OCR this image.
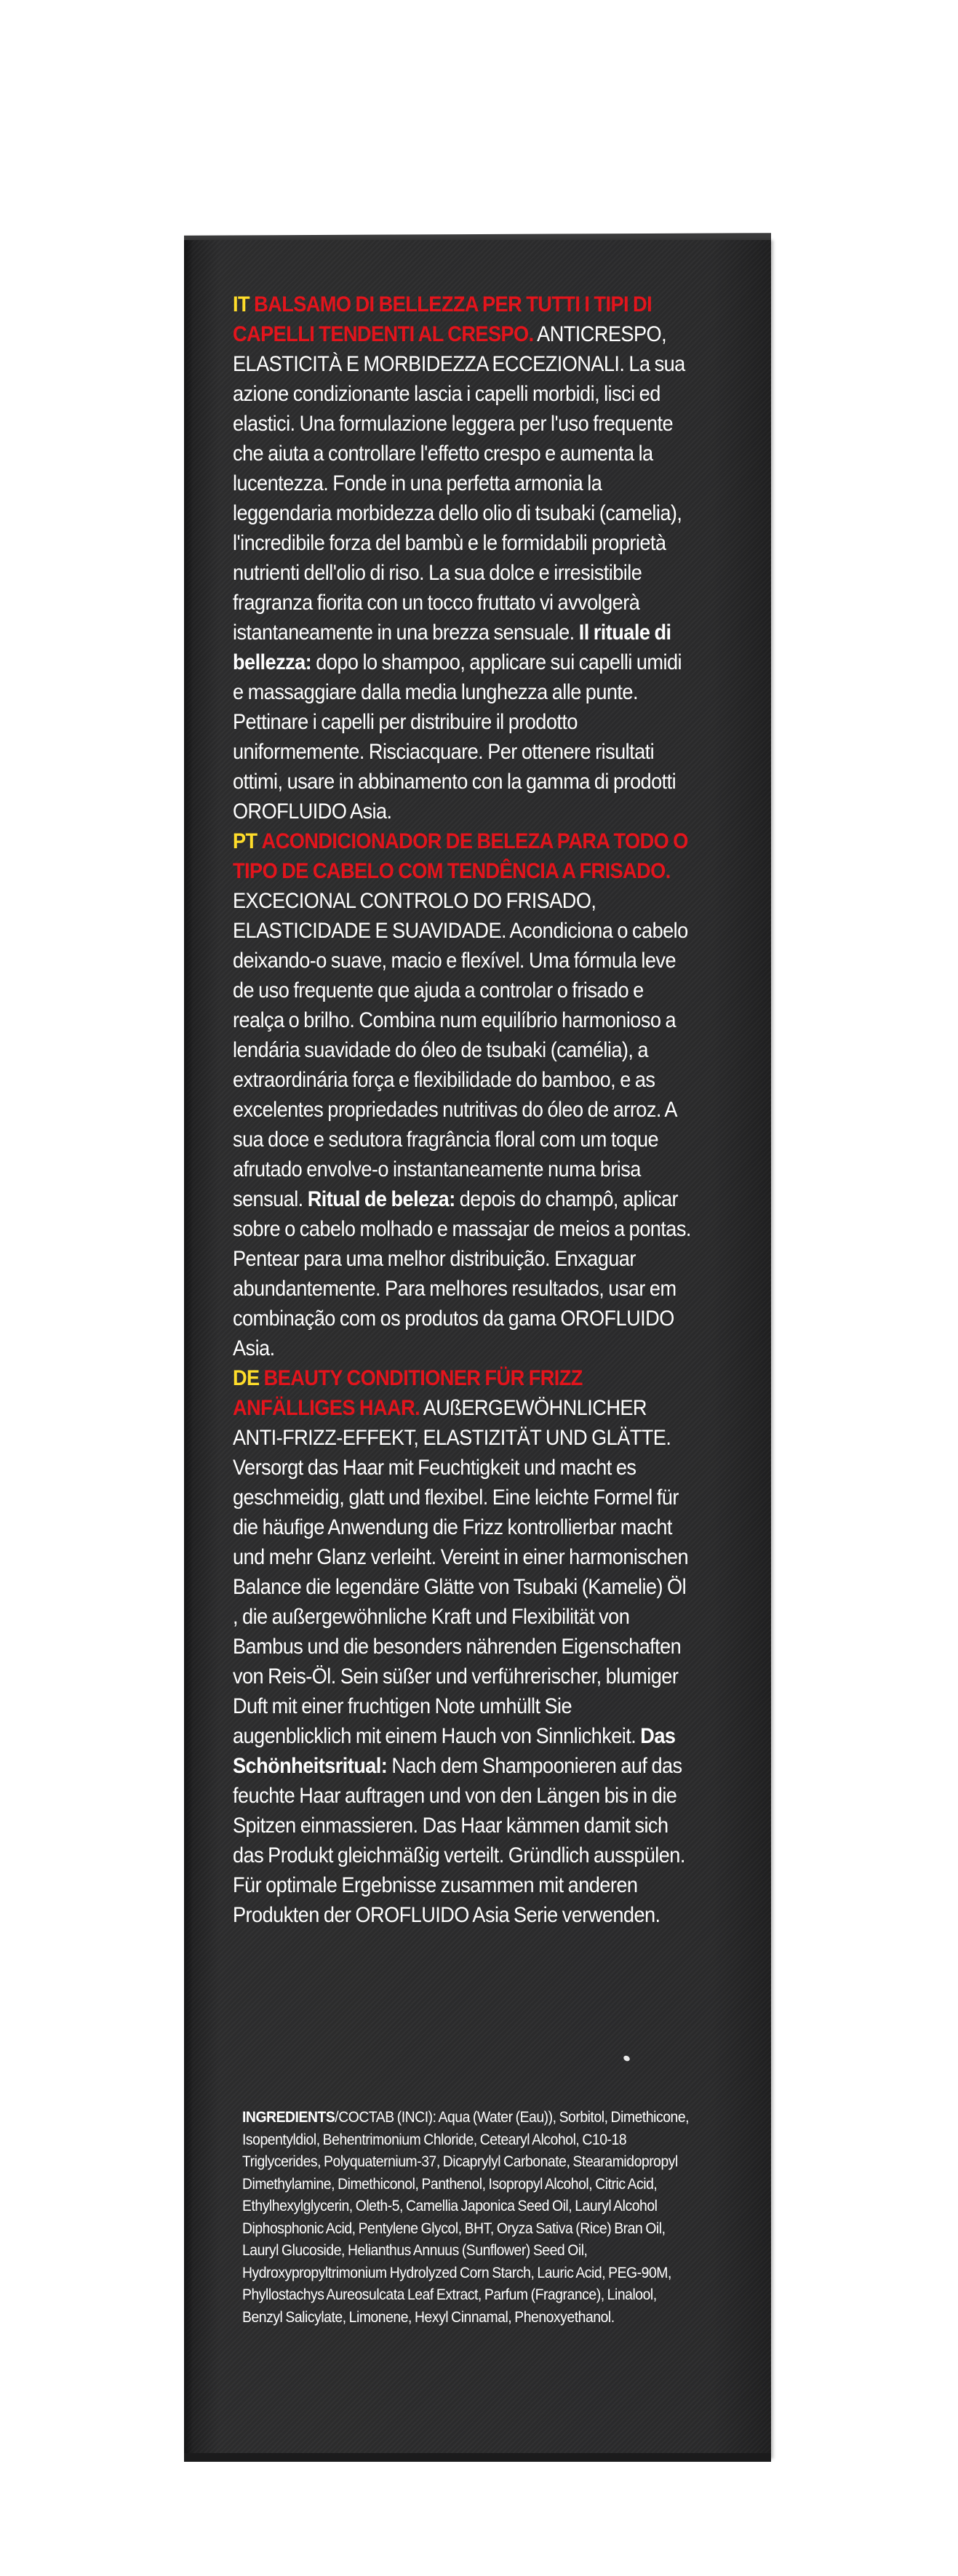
IT BALSAMO DI BELLEZZA PER TUTTI I TIPI DI CAPELLI TENDENTI AL CRESPO. ANTICRESPO, ELASTICITÀ E MORBIDEZZA ECCEZIONALI. La sua azione condizionante lascia i capelli morbidi, lisci ed elastici. Una formulazione leggera per l'uso frequente che aiuta a controllare l'effetto crespo e aumenta la lucentezza. Fonde in una perfetta armonia la leggendaria morbidezza dello olio di tsubaki (camelia), l'incredibile forza del bambù e le formidabili proprietà nutrienti dell'olio di riso. La sua dolce e irresistibile fragranza fiorita con un tocco fruttato vi avvolgerà istantaneamente in una brezza sensuale. Il rituale di bellezza: dopo lo shampoo, applicare sui capelli umidi e massaggiare dalla media lunghezza alle punte. Pettinare i capelli per distribuire il prodotto uniformemente. Risciacquare. Per ottenere risultati ottimi, usare in abbinamento con la gamma di prodotti OROFLUIDO Asia.

PT ACONDICIONADOR DE BELEZA PARA TODO O TIPO DE CABELO COM TENDÊNCIA A FRISADO. EXCECIONAL CONTROLO DO FRISADO, ELASTICIDADE E SUAVIDADE. Acondiciona o cabelo deixando-o suave, macio e flexível. Uma fórmula leve de uso frequente que ajuda a controlar o frisado e realça o brilho. Combina num equilíbrio harmonioso a lendária suavidade do óleo de tsubaki (camélia), a extraordinária força e flexibilidade do bamboo, e as excelentes propriedades nutritivas do óleo de arroz. A sua doce e sedutora fragrância floral com um toque afrutado envolve-o instantaneamente numa brisa sensual. Ritual de beleza: depois do champô, aplicar sobre o cabelo molhado e massajar de meios a pontas. Pentear para uma melhor distribuição. Enxaguar abundantemente. Para melhores resultados, usar em combinação com os produtos da gama OROFLUIDO Asia.

DE BEAUTY CONDITIONER FÜR FRIZZ ANFÄLLIGES HAAR. AUßERGEWÖHNLICHER ANTI-FRIZZ-EFFEKT, ELASTIZITÄT UND GLÄTTE. Versorgt das Haar mit Feuchtigkeit und macht es geschmeidig, glatt und flexibel. Eine leichte Formel für die häufige Anwendung die Frizz kontrollierbar macht und mehr Glanz verleiht. Vereint in einer harmonischen Balance die legendäre Glätte von Tsubaki (Kamelie) Öl , die außergewöhnliche Kraft und Flexibilität von Bambus und die besonders nährenden Eigenschaften von Reis-Öl. Sein süßer und verführerischer, blumiger Duft mit einer fruchtigen Note umhüllt Sie augenblicklich mit einem Hauch von Sinnlichkeit. Das Schönheitsritual: Nach dem Shampoonieren auf das feuchte Haar auftragen und von den Längen bis in die Spitzen einmassieren. Das Haar kämmen damit sich das Produkt gleichmäßig verteilt. Gründlich ausspülen. Für optimale Ergebnisse zusammen mit anderen Produkten der OROFLUIDO Asia Serie verwenden.

INGREDIENTS/COCTAB (INCI): Aqua (Water (Eau)), Sorbitol, Dimethicone, Isopentyldiol, Behentrimonium Chloride, Cetearyl Alcohol, C10-18 Triglycerides, Polyquaternium-37, Dicaprylyl Carbonate, Stearamidopropyl Dimethylamine, Dimethiconol, Panthenol, Isopropyl Alcohol, Citric Acid, Ethylhexylglycerin, Oleth-5, Camellia Japonica Seed Oil, Lauryl Alcohol Diphosphonic Acid, Pentylene Glycol, BHT, Oryza Sativa (Rice) Bran Oil, Lauryl Glucoside, Helianthus Annuus (Sunflower) Seed Oil, Hydroxypropyltrimonium Hydrolyzed Corn Starch, Lauric Acid, PEG-90M, Phyllostachys Aureosulcata Leaf Extract, Parfum (Fragrance), Linalool, Benzyl Salicylate, Limonene, Hexyl Cinnamal, Phenoxyethanol.
